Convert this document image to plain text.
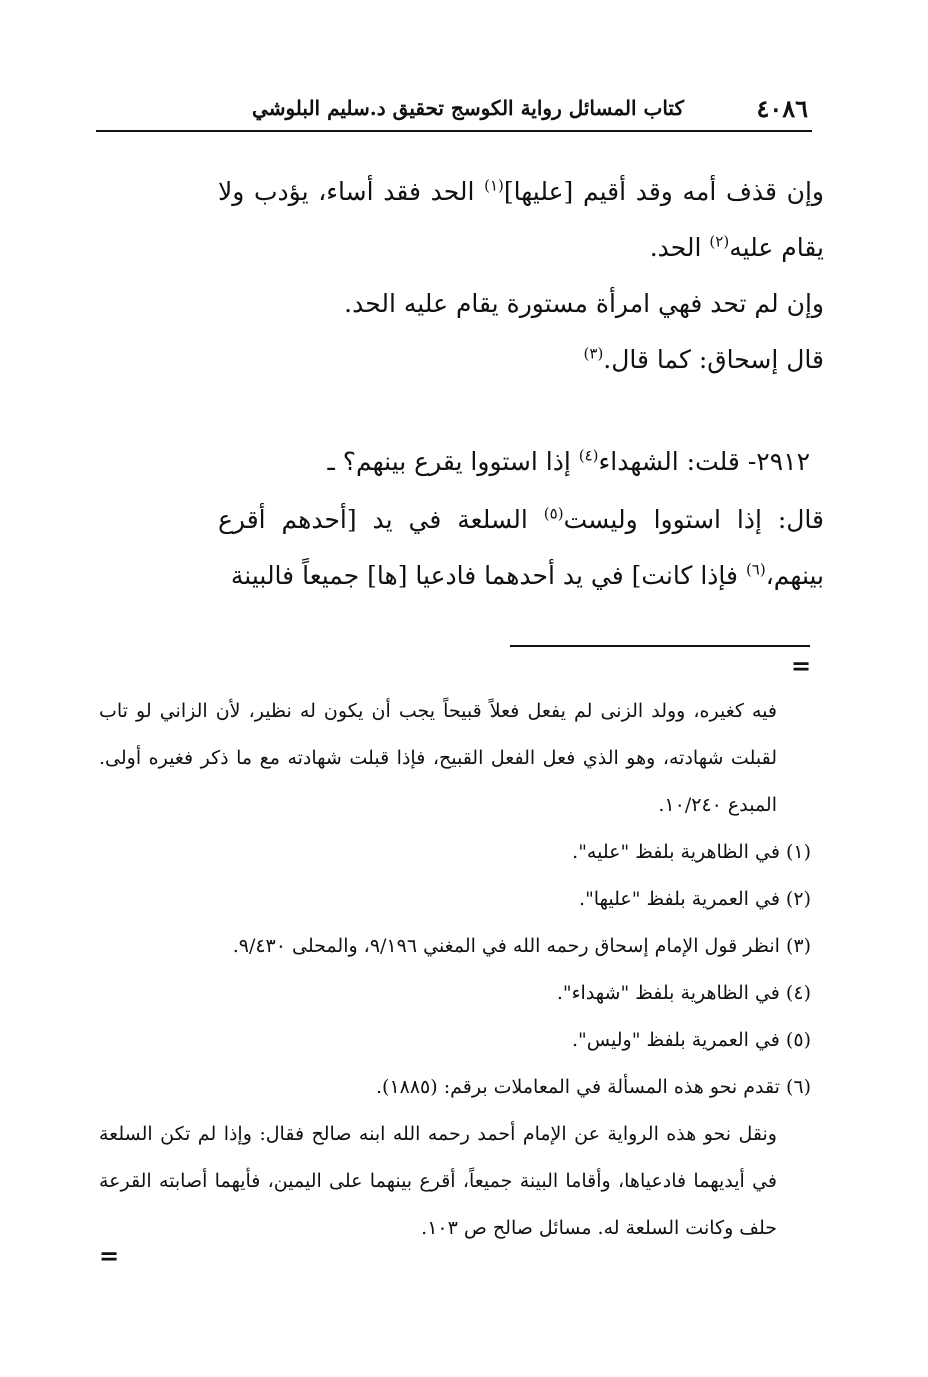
٤٠٨٦
كتاب المسائل رواية الكوسج تحقيق د.سليم البلوشي

وإن قذف أمه وقد أقيم [عليها]$^{(١)}$ الحد فقد أساء، يؤدب ولا يقام عليه$^{(٢)}$ الحد.

وإن لم تحد فهي امرأة مستورة يقام عليه الحد.

قال إسحاق: كما قال.$^{(٣)}$

٢٩١٢- قلت: الشهداء$^{(٤)}$ إذا استووا يقرع بينهم؟ ـ
قال: إذا استووا وليست$^{(٥)}$ السلعة في يد [أحدهم أقرع بينهم،$^{(٦)}$ فإذا كانت] في يد أحدهما فادعيا [ها] جميعاً فالبينة
=

فيه كغيره، وولد الزنى لم يفعل فعلاً قبيحاً يجب أن يكون له نظير، لأن الزاني لو تاب لقبلت شهادته، وهو الذي فعل الفعل القبيح، فإذا قبلت شهادته مع ما ذكر فغيره أولى. المبدع ١٠/٢٤٠.

(١) في الظاهرية بلفظ "عليه".

(٢) في العمرية بلفظ "عليها".

(٣) انظر قول الإمام إسحاق رحمه الله في المغني ٩/١٩٦، والمحلى ٩/٤٣٠.

(٤) في الظاهرية بلفظ "شهداء".

(٥) في العمرية بلفظ "وليس".

(٦) تقدم نحو هذه المسألة في المعاملات برقم: (١٨٨٥).

ونقل نحو هذه الرواية عن الإمام أحمد رحمه الله ابنه صالح فقال: وإذا لم تكن السلعة في أيديهما فادعياها، وأقاما البينة جميعاً، أقرع بينهما على اليمين، فأيهما أصابته القرعة حلف وكانت السلعة له. مسائل صالح ص ١٠٣.

=
